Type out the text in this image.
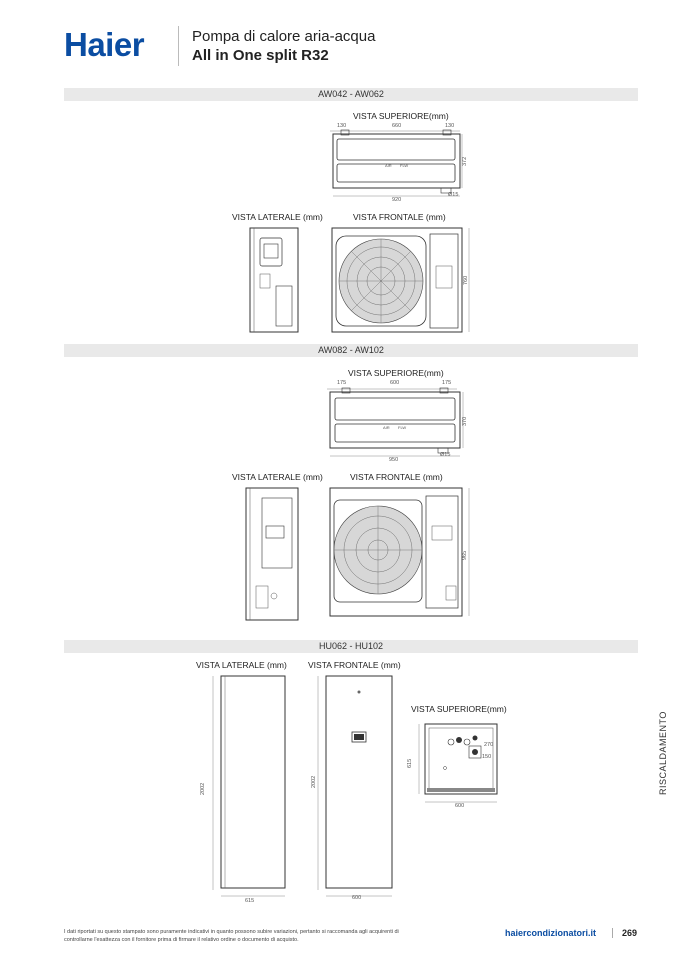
Haier	Pompa di calore aria-acqua
All in One split R32
AW042 - AW062
VISTA SUPERIORE(mm)
130	660	130
AIR FLW	372
Ø15
920
VISTA LATERALE (mm)	VISTA FRONTALE (mm)
760
AW082 - AW102
VISTA SUPERIORE(mm)
175	600	175
AIR FLW
370
Ø15
950
VISTA LATERALE (mm)	VISTA FRONTALE (mm)
965
HU062 - HU102
VISTA LATERALE (mm) VISTA FRONTALE (mm)
2002
615
2002
600
VISTA SUPERIORE(mm)
615
270
150
600
RISCALDAMENTO
I dati riportati su questo stampato sono puramente indicativi in quanto possono subire variazioni, pertanto si raccomanda agli acquirenti di controllarne l'esattezza con il fornitore prima di firmare il relativo ordine o documento di acquisto.
haiercondizionatori.it	269
